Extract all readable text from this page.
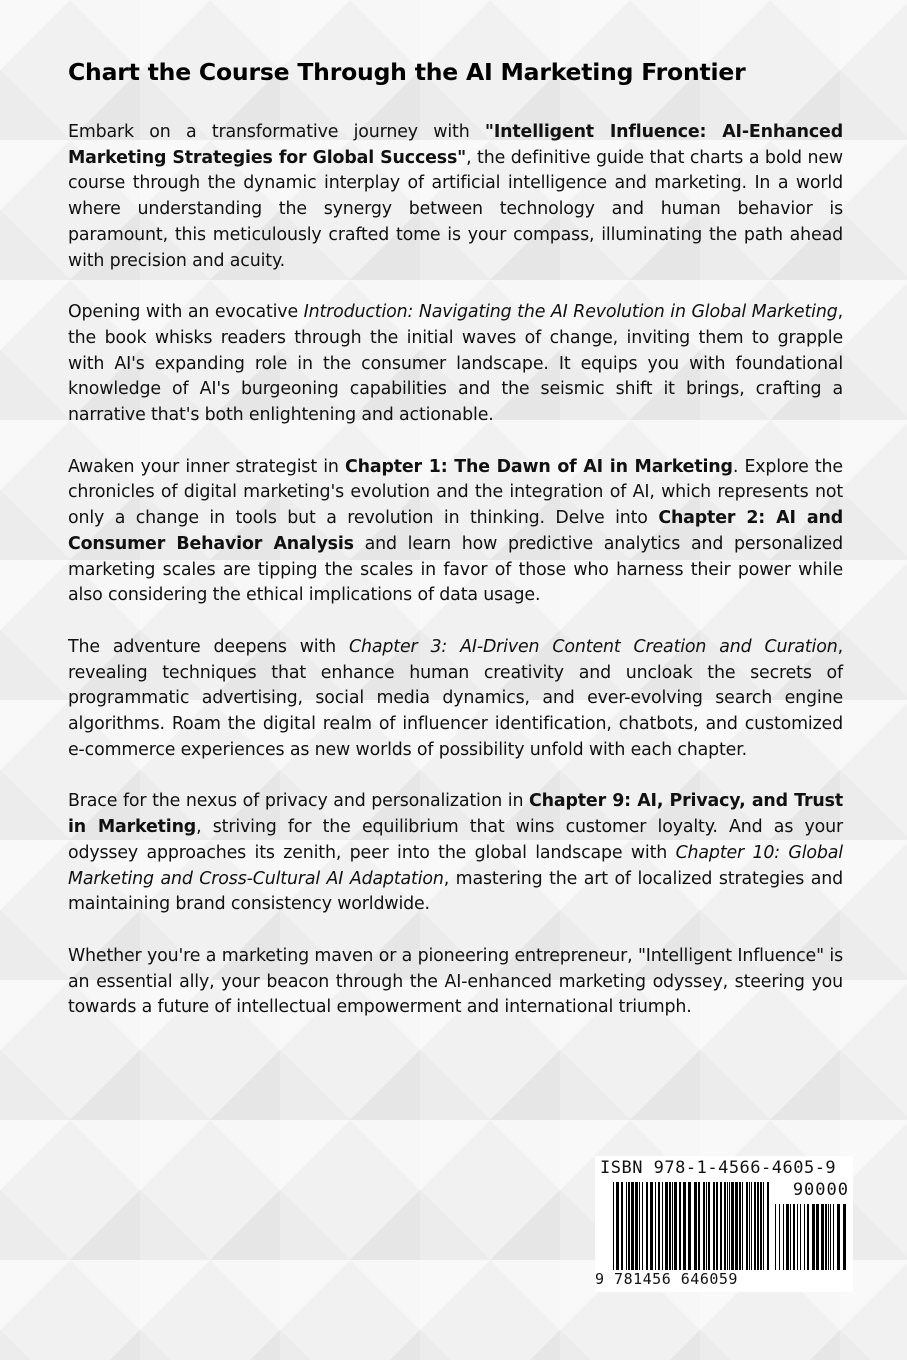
Chart the Course Through the AI Marketing Frontier

Embark on a transformative journey with "Intelligent Influence: AI-Enhanced Marketing Strategies for Global Success", the definitive guide that charts a bold new course through the dynamic interplay of artificial intelligence and marketing. In a world where understanding the synergy between technology and human behavior is paramount, this meticulously crafted tome is your compass, illuminating the path ahead with precision and acuity.

Opening with an evocative Introduction: Navigating the AI Revolution in Global Marketing, the book whisks readers through the initial waves of change, inviting them to grapple with AI's expanding role in the consumer landscape. It equips you with foundational knowledge of AI's burgeoning capabilities and the seismic shift it brings, crafting a narrative that's both enlightening and actionable.

Awaken your inner strategist in Chapter 1: The Dawn of AI in Marketing. Explore the chronicles of digital marketing's evolution and the integration of AI, which represents not only a change in tools but a revolution in thinking. Delve into Chapter 2: AI and Consumer Behavior Analysis and learn how predictive analytics and personalized marketing scales are tipping the scales in favor of those who harness their power while also considering the ethical implications of data usage.

The adventure deepens with Chapter 3: AI-Driven Content Creation and Curation, revealing techniques that enhance human creativity and uncloak the secrets of programmatic advertising, social media dynamics, and ever-evolving search engine algorithms. Roam the digital realm of influencer identification, chatbots, and customized e-commerce experiences as new worlds of possibility unfold with each chapter.

Brace for the nexus of privacy and personalization in Chapter 9: AI, Privacy, and Trust in Marketing, striving for the equilibrium that wins customer loyalty. And as your odyssey approaches its zenith, peer into the global landscape with Chapter 10: Global Marketing and Cross-Cultural AI Adaptation, mastering the art of localized strategies and maintaining brand consistency worldwide.

Whether you're a marketing maven or a pioneering entrepreneur, "Intelligent Influence" is an essential ally, your beacon through the AI-enhanced marketing odyssey, steering you towards a future of intellectual empowerment and international triumph.

ISBN 978-1-4566-4605-9
90000
9 781456 646059
